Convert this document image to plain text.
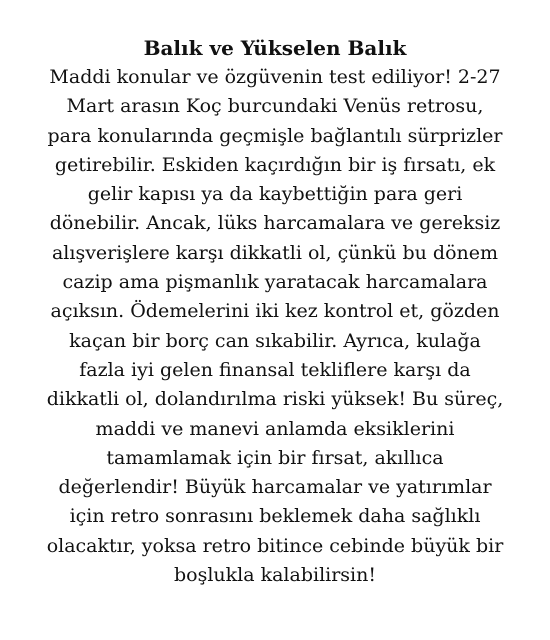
Balık ve Yükselen Balık
Maddi konular ve özgüvenin test ediliyor! 2-27
Mart arasın Koç burcundaki Venüs retrosu,
para konularında geçmişle bağlantılı sürprizler
getirebilir. Eskiden kaçırdığın bir iş fırsatı, ek
gelir kapısı ya da kaybettiğin para geri
dönebilir. Ancak, lüks harcamalara ve gereksiz
alışverişlere karşı dikkatli ol, çünkü bu dönem
cazip ama pişmanlık yaratacak harcamalara
açıksın. Ödemelerini iki kez kontrol et, gözden
kaçan bir borç can sıkabilir. Ayrıca, kulağa
fazla iyi gelen finansal tekliflere karşı da
dikkatli ol, dolandırılma riski yüksek! Bu süreç,
maddi ve manevi anlamda eksiklerini
tamamlamak için bir fırsat, akıllıca
değerlendir! Büyük harcamalar ve yatırımlar
için retro sonrasını beklemek daha sağlıklı
olacaktır, yoksa retro bitince cebinde büyük bir
boşlukla kalabilirsin!
